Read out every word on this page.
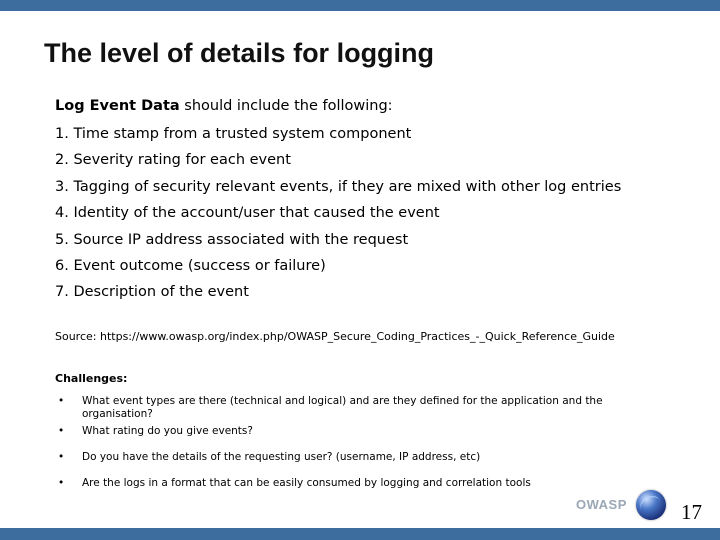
The level of details for logging
Log Event Data should include the following:
1. Time stamp from a trusted system component
2. Severity rating for each event
3. Tagging of security relevant events, if they are mixed with other log entries
4. Identity of the account/user that caused the event
5. Source IP address associated with the request
6. Event outcome (success or failure)
7. Description of the event
Source: https://www.owasp.org/index.php/OWASP_Secure_Coding_Practices_-_Quick_Reference_Guide
Challenges:
• What event types are there (technical and logical) and are they defined for the application and the organisation?
• What rating do you give events?
• Do you have the details of the requesting user? (username, IP address, etc)
• Are the logs in a format that can be easily consumed by logging and correlation tools
OWASP	17
